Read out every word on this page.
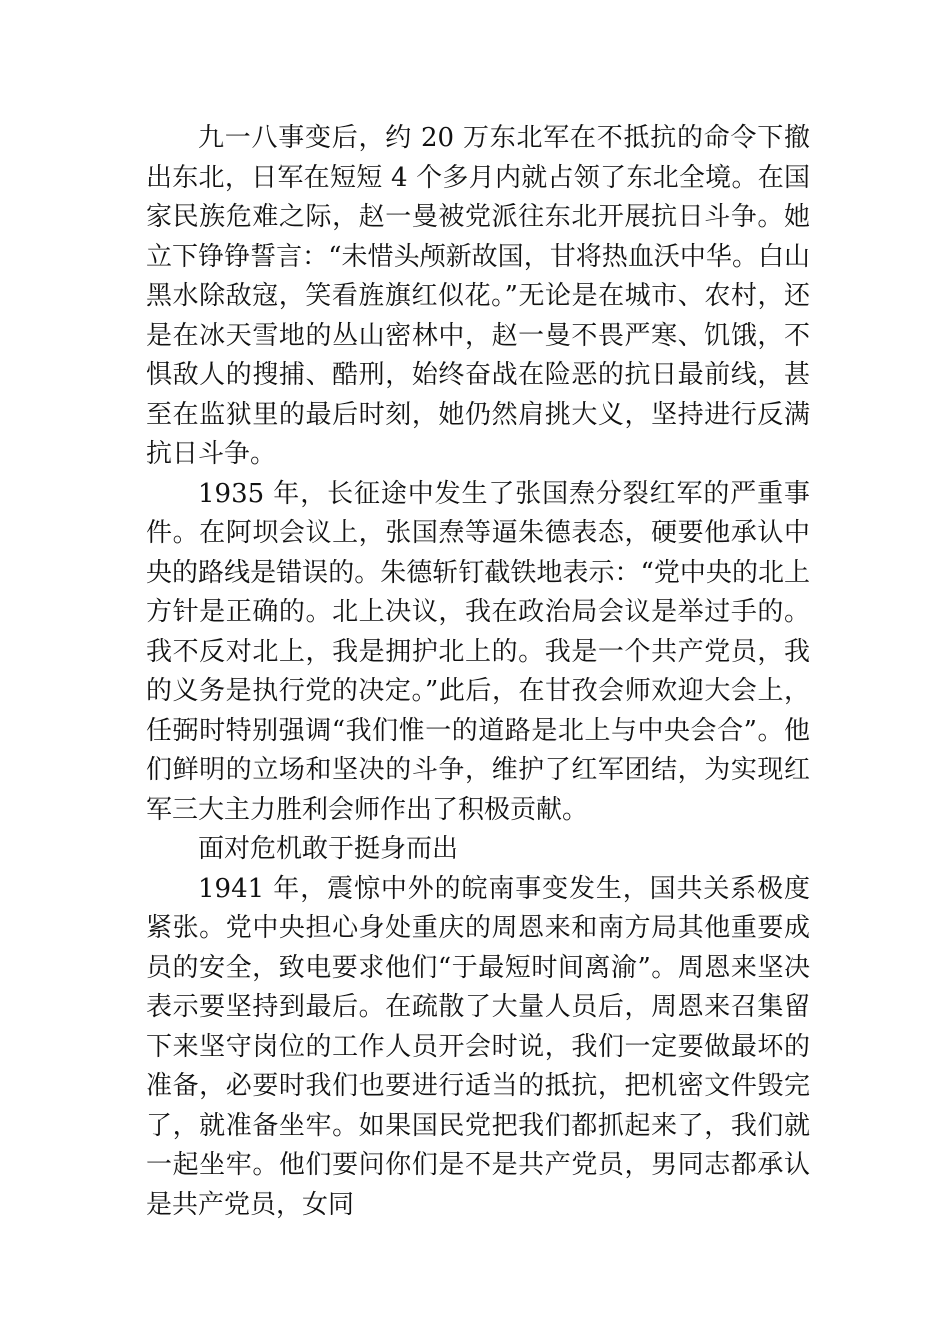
九一八事变后，约 20 万东北军在不抵抗的命令下撤出东北，日军在短短 4 个多月内就占领了东北全境。在国家民族危难之际，赵一曼被党派往东北开展抗日斗争。她立下铮铮誓言：“未惜头颅新故国，甘将热血沃中华。白山黑水除敌寇，笑看旌旗红似花。”无论是在城市、农村，还是在冰天雪地的丛山密林中，赵一曼不畏严寒、饥饿，不惧敌人的搜捕、酷刑，始终奋战在险恶的抗日最前线，甚至在监狱里的最后时刻，她仍然肩挑大义，坚持进行反满抗日斗争。

1935 年，长征途中发生了张国焘分裂红军的严重事件。在阿坝会议上，张国焘等逼朱德表态，硬要他承认中央的路线是错误的。朱德斩钉截铁地表示：“党中央的北上方针是正确的。北上决议，我在政治局会议是举过手的。我不反对北上，我是拥护北上的。我是一个共产党员，我的义务是执行党的决定。”此后，在甘孜会师欢迎大会上，任弼时特别强调“我们惟一的道路是北上与中央会合”。他们鲜明的立场和坚决的斗争，维护了红军团结，为实现红军三大主力胜利会师作出了积极贡献。

面对危机敢于挺身而出

1941 年，震惊中外的皖南事变发生，国共关系极度紧张。党中央担心身处重庆的周恩来和南方局其他重要成员的安全，致电要求他们“于最短时间离渝”。周恩来坚决表示要坚持到最后。在疏散了大量人员后，周恩来召集留下来坚守岗位的工作人员开会时说，我们一定要做最坏的准备，必要时我们也要进行适当的抵抗，把机密文件毁完了，就准备坐牢。如果国民党把我们都抓起来了，我们就一起坐牢。他们要问你们是不是共产党员，男同志都承认是共产党员，女同
